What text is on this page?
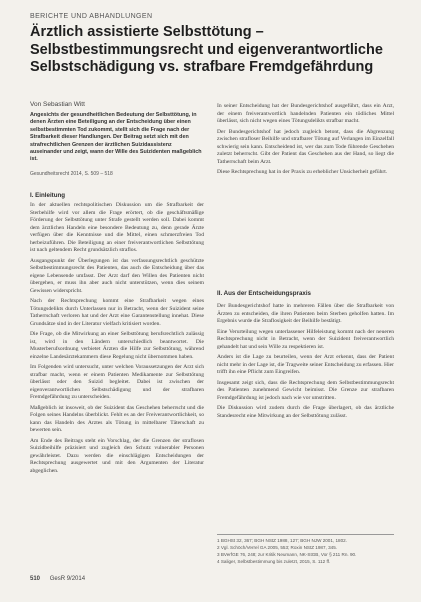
BERICHTE UND ABHANDLUNGEN
Ärztlich assistierte Selbsttötung – Selbstbestimmungsrecht und eigenverantwortliche Selbstschädigung vs. strafbare Fremdgefährdung
Von Sebastian Witt

Angesichts der gesundheitlichen Bedeutung der Selbsttötung, in denen Ärzten eine Beteiligung an der Entscheidung über einen selbstbestimmten Tod zukommt, stellt sich die Frage nach der Strafbarkeit dieser Handlungen. Der Beitrag setzt sich mit den strafrechtlichen Grenzen der ärztlichen Suizidassistenz auseinander und zeigt, wann der Wille des Suizidenten maßgeblich ist.

Gesundheitsrecht 2014, S. 509 – 518
I. Einleitung

In der aktuellen rechtspolitischen Diskussion um die Strafbarkeit der Sterbehilfe wird vor allem die Frage erörtert, ob die geschäftsmäßige Förderung der Selbsttötung unter Strafe gestellt werden soll. Dabei kommt dem ärztlichen Handeln eine besondere Bedeutung zu, denn gerade Ärzte verfügen über die Kenntnisse und die Mittel, einen schmerzfreien Tod herbeizuführen. Die Beteiligung an einer freiverantwortlichen Selbsttötung ist nach geltendem Recht grundsätzlich straflos.

Ausgangspunkt der Überlegungen ist das verfassungsrechtlich geschützte Selbstbestimmungsrecht des Patienten, das auch die Entscheidung über das eigene Lebensende umfasst. Der Arzt darf den Willen des Patienten nicht übergehen, er muss ihn aber auch nicht unterstützen, wenn dies seinem Gewissen widerspricht.

Nach der Rechtsprechung kommt eine Strafbarkeit wegen eines Tötungsdelikts durch Unterlassen nur in Betracht, wenn der Suizident seine Tatherrschaft verloren hat und der Arzt eine Garantenstellung innehat. Diese Grundsätze sind in der Literatur vielfach kritisiert worden.

Die Frage, ob die Mitwirkung an einer Selbsttötung berufsrechtlich zulässig ist, wird in den Ländern unterschiedlich beantwortet. Die Musterberufsordnung verbietet Ärzten die Hilfe zur Selbsttötung, während einzelne Landesärztekammern diese Regelung nicht übernommen haben.

Im Folgenden wird untersucht, unter welchen Voraussetzungen der Arzt sich strafbar macht, wenn er einem Patienten Medikamente zur Selbsttötung überlässt oder den Suizid begleitet. Dabei ist zwischen der eigenverantwortlichen Selbstschädigung und der strafbaren Fremdgefährdung zu unterscheiden.

Maßgeblich ist insoweit, ob der Suizident das Geschehen beherrscht und die Folgen seines Handelns überblickt. Fehlt es an der Freiverantwortlichkeit, so kann das Handeln des Arztes als Tötung in mittelbarer Täterschaft zu bewerten sein.

Am Ende des Beitrags steht ein Vorschlag, der die Grenzen der straflosen Suizidbeihilfe präzisiert und zugleich den Schutz vulnerabler Personen gewährleistet. Dazu werden die einschlägigen Entscheidungen der Rechtsprechung ausgewertet und mit den Argumenten der Literatur abgeglichen.

In seiner Entscheidung hat der Bundesgerichtshof ausgeführt, dass ein Arzt, der einem freiverantwortlich handelnden Patienten ein tödliches Mittel überlässt, sich nicht wegen eines Tötungsdelikts strafbar macht.

Der Bundesgerichtshof hat jedoch zugleich betont, dass die Abgrenzung zwischen strafloser Beihilfe und strafbarer Tötung auf Verlangen im Einzelfall schwierig sein kann. Entscheidend ist, wer das zum Tode führende Geschehen zuletzt beherrscht. Gibt der Patient das Geschehen aus der Hand, so liegt die Tatherrschaft beim Arzt.

Diese Rechtsprechung hat in der Praxis zu erheblicher Unsicherheit geführt.

II. Aus der Entscheidungspraxis

Der Bundesgerichtshof hatte in mehreren Fällen über die Strafbarkeit von Ärzten zu entscheiden, die ihren Patienten beim Sterben geholfen hatten. Im Ergebnis wurde die Straflosigkeit der Beihilfe bestätigt.

Eine Verurteilung wegen unterlassener Hilfeleistung kommt nach der neueren Rechtsprechung nicht in Betracht, wenn der Suizident freiverantwortlich gehandelt hat und sein Wille zu respektieren ist.

Anders ist die Lage zu beurteilen, wenn der Arzt erkennt, dass der Patient nicht mehr in der Lage ist, die Tragweite seiner Entscheidung zu erfassen. Hier trifft ihn eine Pflicht zum Eingreifen.

Insgesamt zeigt sich, dass die Rechtsprechung dem Selbstbestimmungsrecht des Patienten zunehmend Gewicht beimisst. Die Grenze zur strafbaren Fremdgefährdung ist jedoch nach wie vor umstritten.

Die Diskussion wird zudem durch die Frage überlagert, ob das ärztliche Standesrecht eine Mitwirkung an der Selbsttötung zulässt.

1 BGHSt 32, 367; BGH NStZ 1988, 127; BGH NJW 2001, 1802.
2 Vgl. Schöch/Verrel GA 2005, 553; Roxin NStZ 1987, 345.
3 BVerfGE 76, 248; zur Kritik Neumann, NK-StGB, Vor § 211 Rn. 90.
4 Saliger, Selbstbestimmung bis zuletzt, 2015, S. 112 ff.
510 GesR 9/2014
